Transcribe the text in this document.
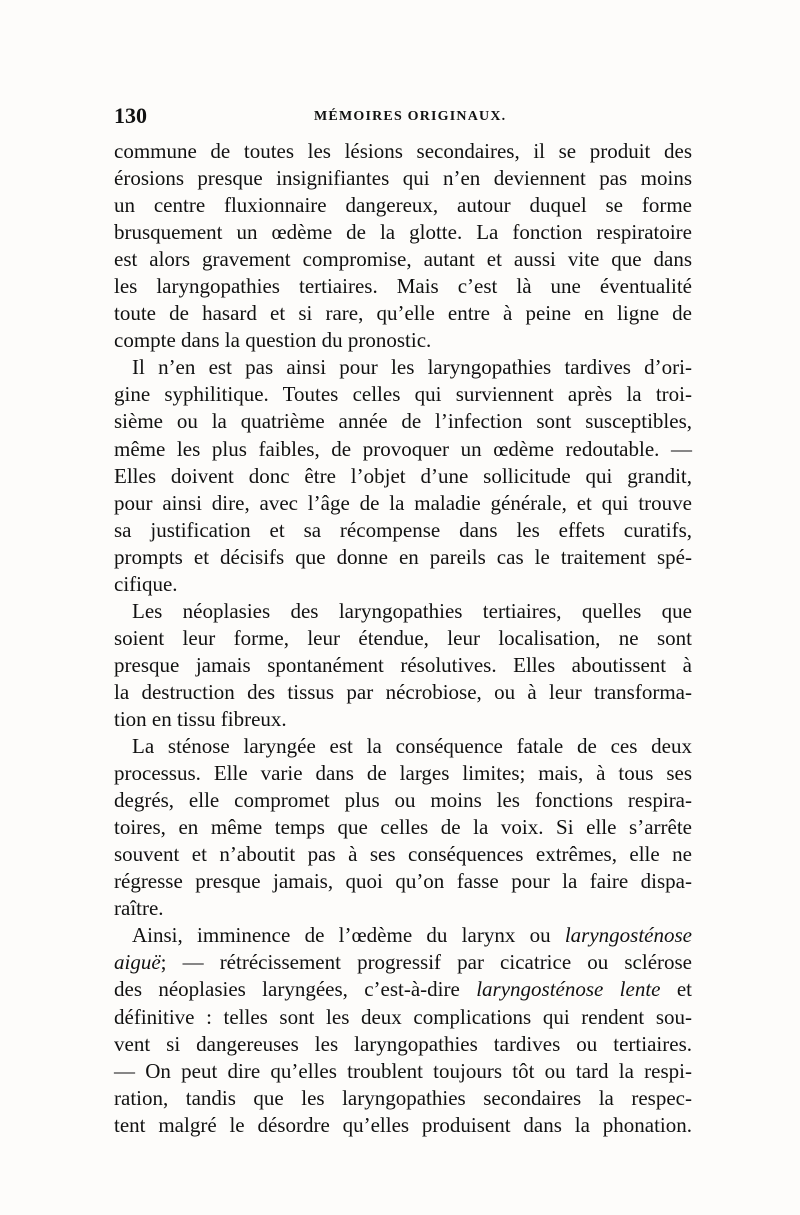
130	MÉMOIRES ORIGINAUX.
commune de toutes les lésions secondaires, il se produit des
érosions presque insignifiantes qui n’en deviennent pas moins
un centre fluxionnaire dangereux, autour duquel se forme
brusquement un œdème de la glotte. La fonction respiratoire
est alors gravement compromise, autant et aussi vite que dans
les laryngopathies tertiaires. Mais c’est là une éventualité
toute de hasard et si rare, qu’elle entre à peine en ligne de
compte dans la question du pronostic.
Il n’en est pas ainsi pour les laryngopathies tardives d’ori-
gine syphilitique. Toutes celles qui surviennent après la troi-
sième ou la quatrième année de l’infection sont susceptibles,
même les plus faibles, de provoquer un œdème redoutable. —
Elles doivent donc être l’objet d’une sollicitude qui grandit,
pour ainsi dire, avec l’âge de la maladie générale, et qui trouve
sa justification et sa récompense dans les effets curatifs,
prompts et décisifs que donne en pareils cas le traitement spé-
cifique.
Les néoplasies des laryngopathies tertiaires, quelles que
soient leur forme, leur étendue, leur localisation, ne sont
presque jamais spontanément résolutives. Elles aboutissent à
la destruction des tissus par nécrobiose, ou à leur transforma-
tion en tissu fibreux.
La sténose laryngée est la conséquence fatale de ces deux
processus. Elle varie dans de larges limites; mais, à tous ses
degrés, elle compromet plus ou moins les fonctions respira-
toires, en même temps que celles de la voix. Si elle s’arrête
souvent et n’aboutit pas à ses conséquences extrêmes, elle ne
régresse presque jamais, quoi qu’on fasse pour la faire dispa-
raître.
Ainsi, imminence de l’œdème du larynx ou laryngosténose
aiguë; — rétrécissement progressif par cicatrice ou sclérose
des néoplasies laryngées, c’est-à-dire laryngosténose lente et
définitive : telles sont les deux complications qui rendent sou-
vent si dangereuses les laryngopathies tardives ou tertiaires.
— On peut dire qu’elles troublent toujours tôt ou tard la respi-
ration, tandis que les laryngopathies secondaires la respec-
tent malgré le désordre qu’elles produisent dans la phonation.
